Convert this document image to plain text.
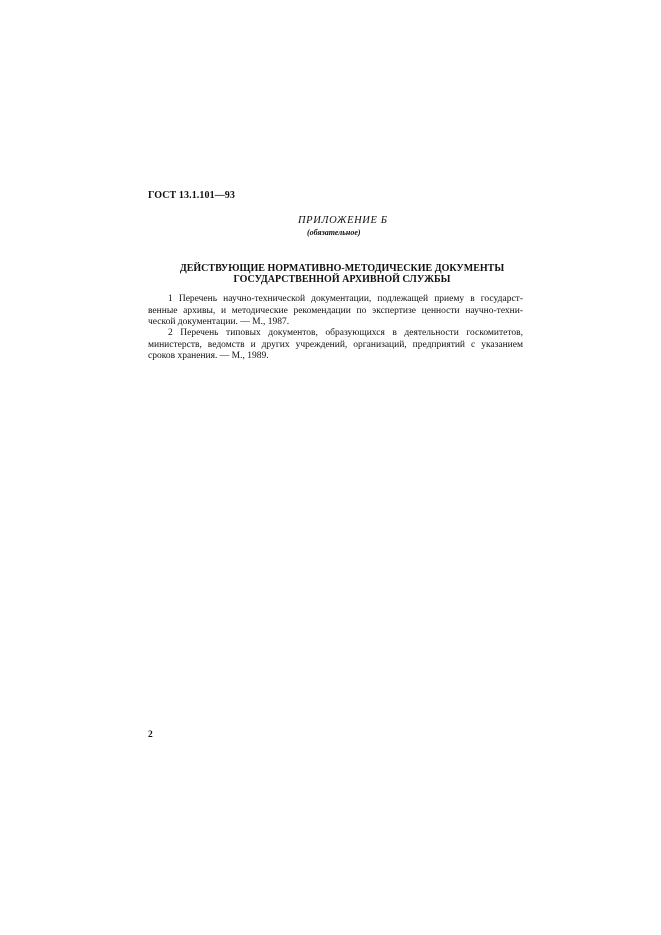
ГОСТ 13.1.101—93
ПРИЛОЖЕНИЕ Б
(обязательное)
ДЕЙСТВУЮЩИЕ НОРМАТИВНО-МЕТОДИЧЕСКИЕ ДОКУМЕНТЫ
ГОСУДАРСТВЕННОЙ АРХИВНОЙ СЛУЖБЫ
1 Перечень научно-технической документации, подлежащей приему в государст-
венные архивы, и методические рекомендации по экспертизе ценности научно-техни-
ческой документации. — М., 1987.
2 Перечень типовых документов, образующихся в деятельности госкомитетов,
министерств, ведомств и других учреждений, организаций, предприятий с указанием
сроков хранения. — М., 1989.
2
